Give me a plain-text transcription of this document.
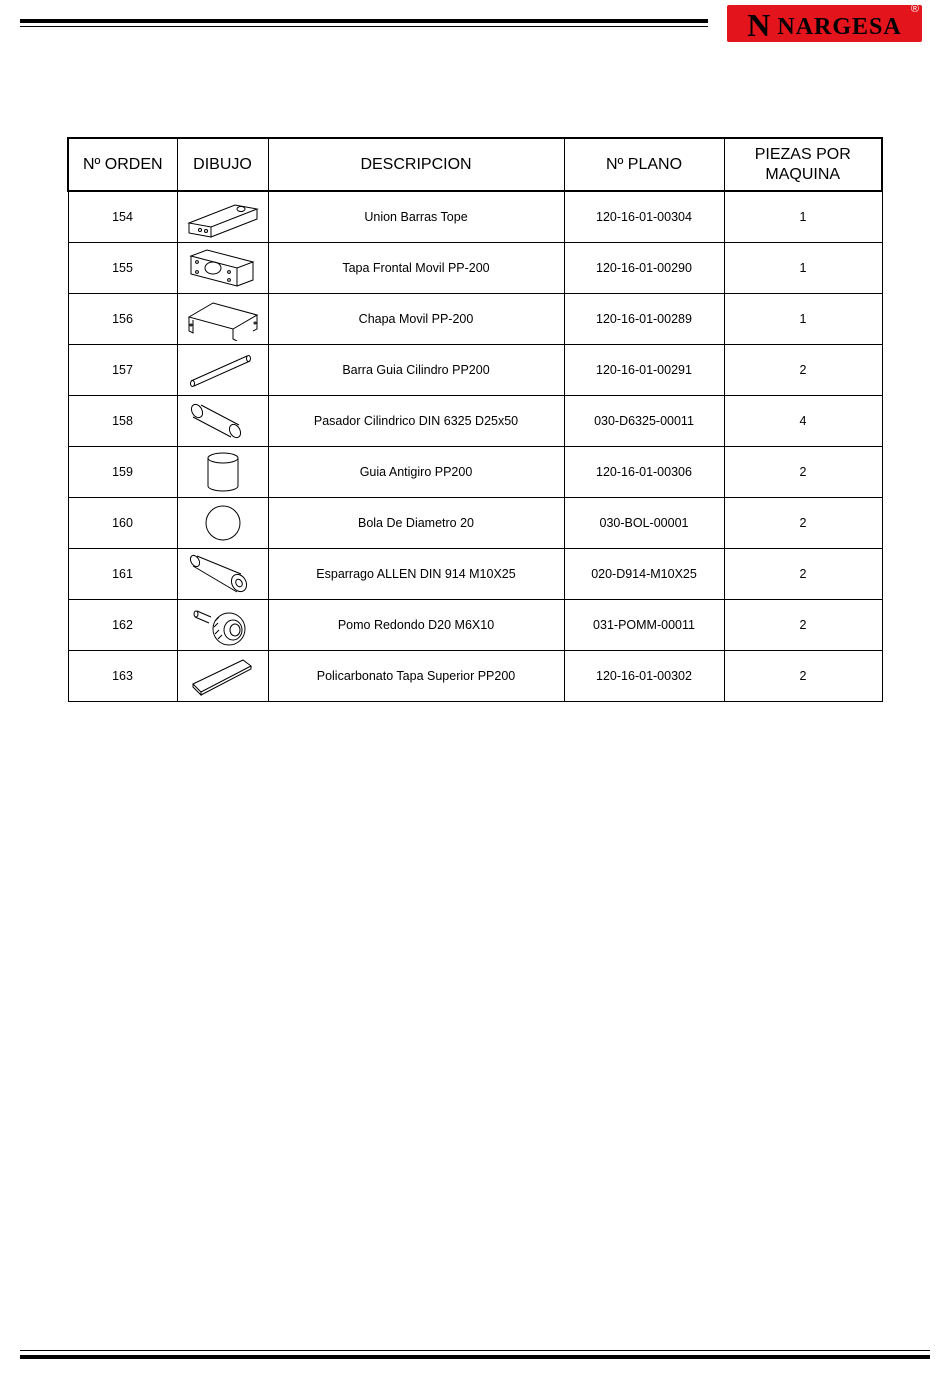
N NARGESA
®
Nº ORDEN	DIBUJO	DESCRIPCION	Nº PLANO	PIEZAS POR MAQUINA
154		Union Barras Tope	120-16-01-00304	1
155		Tapa Frontal Movil PP-200	120-16-01-00290	1
156		Chapa Movil PP-200	120-16-01-00289	1
157		Barra Guia Cilindro PP200	120-16-01-00291	2
158		Pasador Cilindrico DIN 6325 D25x50	030-D6325-00011	4
159		Guia Antigiro PP200	120-16-01-00306	2
160		Bola De Diametro 20	030-BOL-00001	2
161		Esparrago ALLEN DIN 914 M10X25	020-D914-M10X25	2
162		Pomo Redondo D20 M6X10	031-POMM-00011	2
163		Policarbonato Tapa Superior PP200	120-16-01-00302	2
